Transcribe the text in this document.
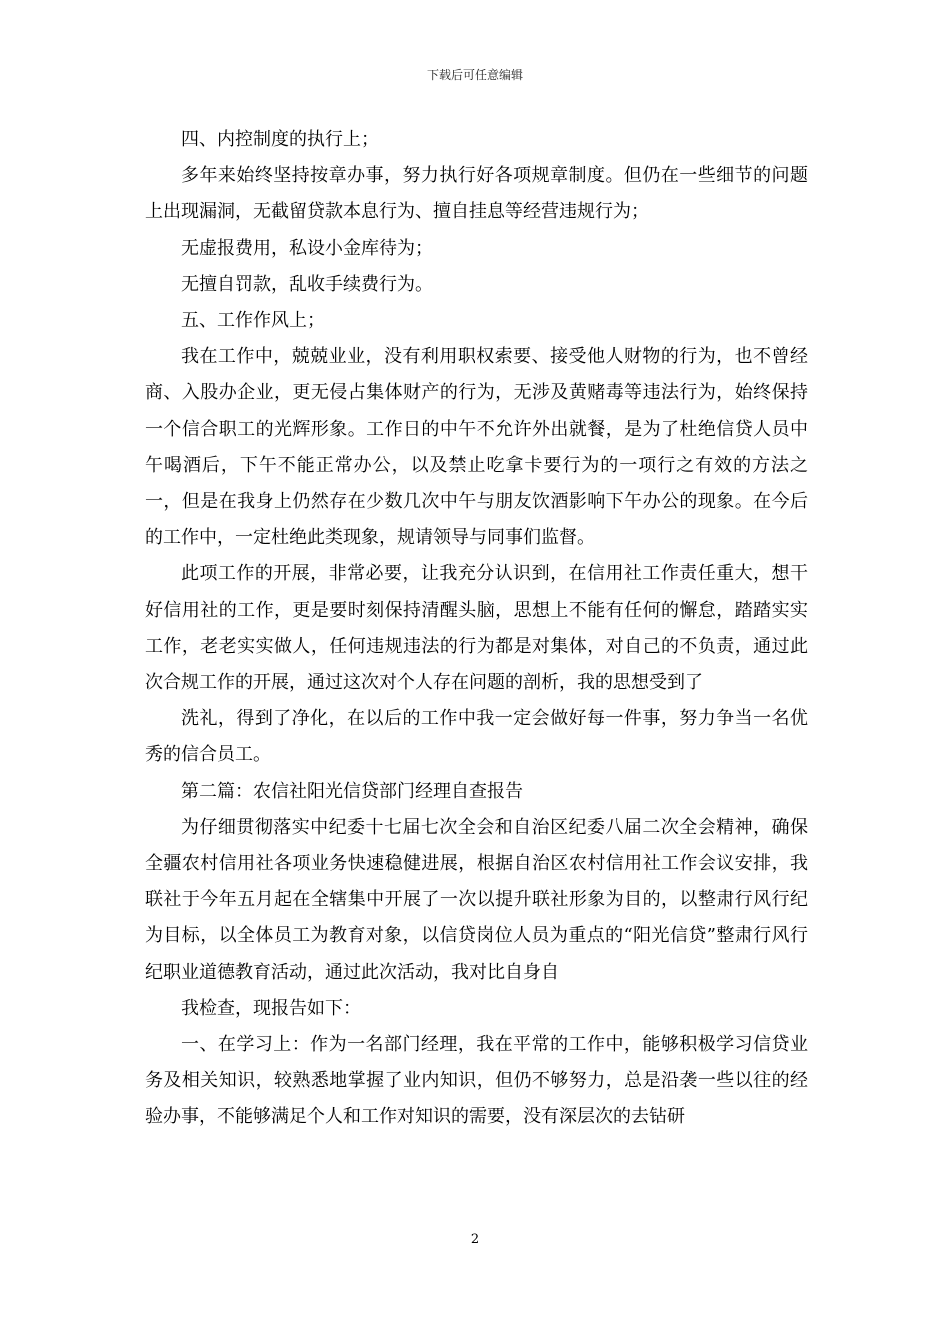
下载后可任意编辑

四、内控制度的执行上；

多年来始终坚持按章办事，努力执行好各项规章制度。但仍在一些细节的问题上出现漏洞，无截留贷款本息行为、擅自挂息等经营违规行为；

无虚报费用，私设小金库待为；

无擅自罚款，乱收手续费行为。

五、工作作风上；

我在工作中，兢兢业业，没有利用职权索要、接受他人财物的行为，也不曾经商、入股办企业，更无侵占集体财产的行为，无涉及黄赌毒等违法行为，始终保持一个信合职工的光辉形象。工作日的中午不允许外出就餐，是为了杜绝信贷人员中午喝酒后，下午不能正常办公，以及禁止吃拿卡要行为的一项行之有效的方法之一，但是在我身上仍然存在少数几次中午与朋友饮酒影响下午办公的现象。在今后的工作中，一定杜绝此类现象，规请领导与同事们监督。

此项工作的开展，非常必要，让我充分认识到，在信用社工作责任重大，想干好信用社的工作，更是要时刻保持清醒头脑，思想上不能有任何的懈怠，踏踏实实工作，老老实实做人，任何违规违法的行为都是对集体，对自己的不负责，通过此次合规工作的开展，通过这次对个人存在问题的剖析，我的思想受到了

洗礼，得到了净化，在以后的工作中我一定会做好每一件事，努力争当一名优秀的信合员工。

第二篇：农信社阳光信贷部门经理自查报告

为仔细贯彻落实中纪委十七届七次全会和自治区纪委八届二次全会精神，确保全疆农村信用社各项业务快速稳健进展，根据自治区农村信用社工作会议安排，我联社于今年五月起在全辖集中开展了一次以提升联社形象为目的，以整肃行风行纪为目标，以全体员工为教育对象，以信贷岗位人员为重点的“阳光信贷”整肃行风行纪职业道德教育活动，通过此次活动，我对比自身自

我检查，现报告如下：

一、在学习上：作为一名部门经理，我在平常的工作中，能够积极学习信贷业务及相关知识，较熟悉地掌握了业内知识，但仍不够努力，总是沿袭一些以往的经验办事，不能够满足个人和工作对知识的需要，没有深层次的去钻研

2
